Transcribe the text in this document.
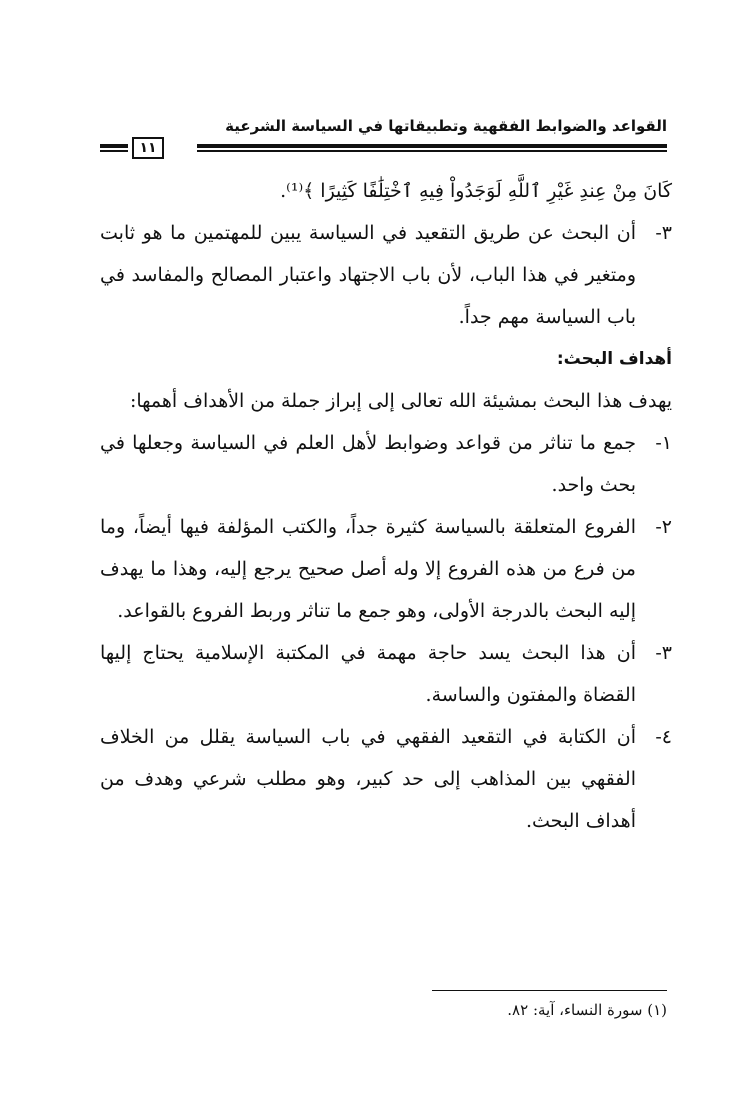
القواعد والضوابط الفقهية وتطبيقاتها في السياسة الشرعية
١١

كَانَ مِنْ عِندِ غَيْرِ ٱللَّهِ لَوَجَدُواْ فِيهِ ٱخْتِلَٰفًا كَثِيرًا ﴾⁽¹⁾.

٣-
أن البحث عن طريق التقعيد في السياسة يبين للمهتمين ما هو ثابت ومتغير في هذا الباب، لأن باب الاجتهاد واعتبار المصالح والمفاسد في باب السياسة مهم جداً.

أهداف البحث:

يهدف هذا البحث بمشيئة الله تعالى إلى إبراز جملة من الأهداف أهمها:

١-
جمع ما تناثر من قواعد وضوابط لأهل العلم في السياسة وجعلها في بحث واحد.
٢-
الفروع المتعلقة بالسياسة كثيرة جداً، والكتب المؤلفة فيها أيضاً، وما من فرع من هذه الفروع إلا وله أصل صحيح يرجع إليه، وهذا ما يهدف إليه البحث بالدرجة الأولى، وهو جمع ما تناثر وربط الفروع بالقواعد.
٣-
أن هذا البحث يسد حاجة مهمة في المكتبة الإسلامية يحتاج إليها القضاة والمفتون والساسة.
٤-
أن الكتابة في التقعيد الفقهي في باب السياسة يقلل من الخلاف الفقهي بين المذاهب إلى حد كبير، وهو مطلب شرعي وهدف من أهداف البحث.
(١) سورة النساء، آية: ٨٢.
